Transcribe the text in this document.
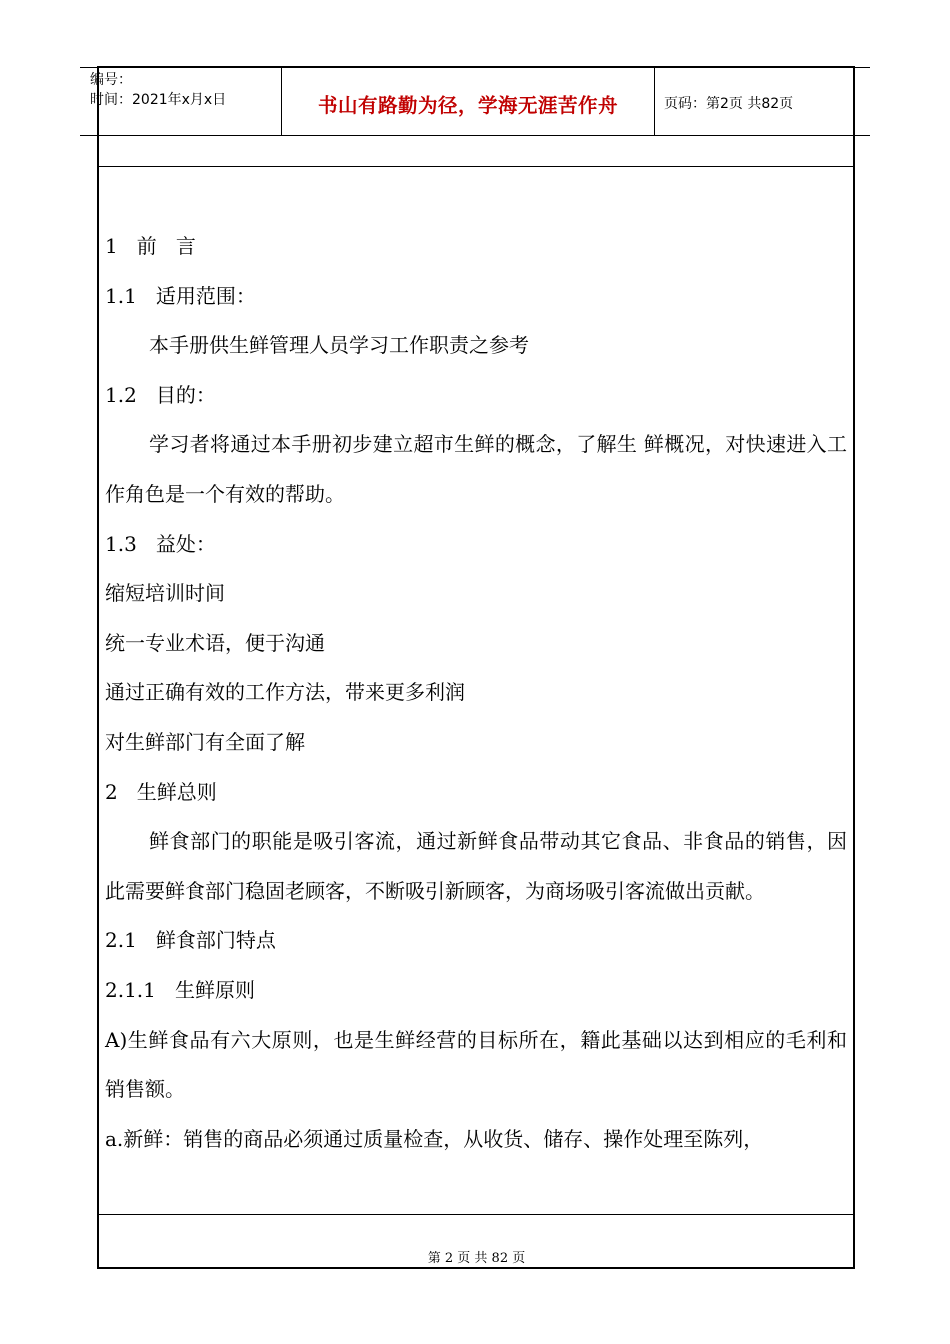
编号：
时间：2021年x月x日	书山有路勤为径，学海无涯苦作舟	页码：第2页 共82页

1   前   言

1.1   适用范围：

本手册供生鲜管理人员学习工作职责之参考

1.2   目的：

学习者将通过本手册初步建立超市生鲜的概念，了解生 鲜概况，对快速进入工作角色是一个有效的帮助。

1.3   益处：

缩短培训时间

统一专业术语，便于沟通

通过正确有效的工作方法，带来更多利润

对生鲜部门有全面了解

2   生鲜总则

鲜食部门的职能是吸引客流，通过新鲜食品带动其它食品、非食品的销售，因此需要鲜食部门稳固老顾客，不断吸引新顾客，为商场吸引客流做出贡献。

2.1   鲜食部门特点

2.1.1   生鲜原则

A)生鲜食品有六大原则，也是生鲜经营的目标所在，籍此基础以达到相应的毛利和销售额。

a.新鲜：销售的商品必须通过质量检查，从收货、储存、操作处理至陈列，

第 2 页 共 82 页
